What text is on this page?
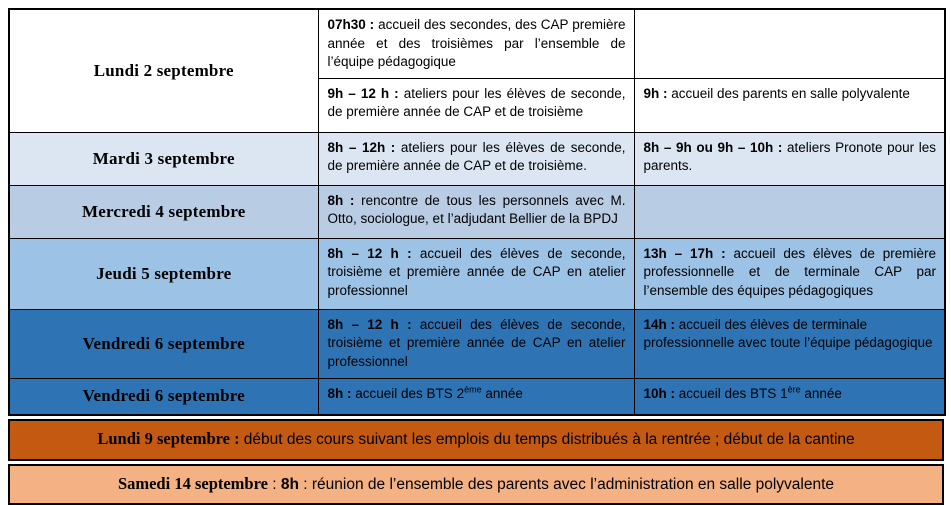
Lundi 2 septembre	07h30 : accueil des secondes, des CAP première année et des troisièmes par l’ensemble de l’équipe pédagogique	
	9h – 12 h : ateliers pour les élèves de seconde, de première année de CAP et de troisième	9h : accueil des parents en salle polyvalente
Mardi 3 septembre	8h – 12h : ateliers pour les élèves de seconde, de première année de CAP et de troisième.	8h – 9h ou 9h – 10h : ateliers Pronote pour les parents.
Mercredi 4 septembre	8h : rencontre de tous les personnels avec M. Otto, sociologue, et l’adjudant Bellier de la BPDJ	
Jeudi 5 septembre	8h – 12 h : accueil des élèves de seconde, troisième et première année de CAP en atelier professionnel	13h – 17h : accueil des élèves de première professionnelle et de terminale CAP par l’ensemble des équipes pédagogiques
Vendredi 6 septembre	8h – 12 h : accueil des élèves de seconde, troisième et première année de CAP en atelier professionnel	14h : accueil des élèves de terminale professionnelle avec toute l’équipe pédagogique
Vendredi 6 septembre	8h : accueil des BTS 2ème année	10h : accueil des BTS 1ère année
Lundi 9 septembre : début des cours suivant les emplois du temps distribués à la rentrée ; début de la cantine
Samedi 14 septembre : 8h : réunion de l’ensemble des parents avec l’administration en salle polyvalente
